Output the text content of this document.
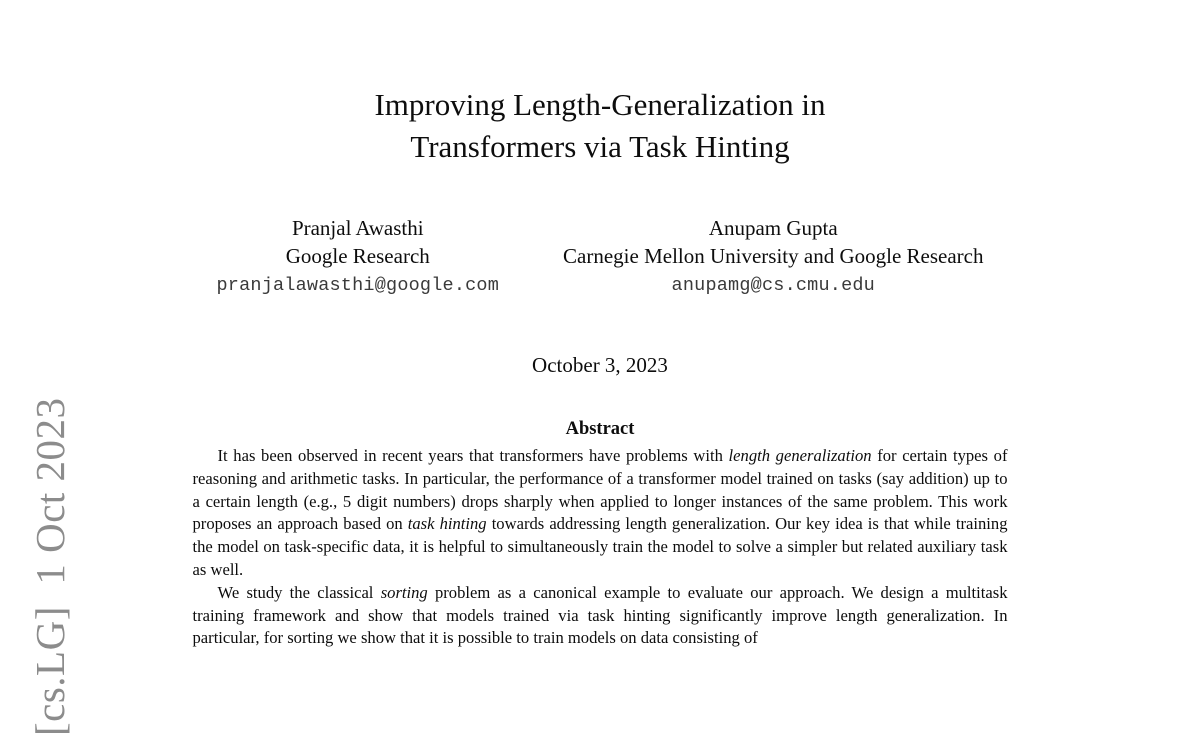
[cs.LG]  1 Oct 2023
Improving Length-Generalization in
Transformers via Task Hinting
Pranjal Awasthi
Google Research
pranjalawasthi@google.com
Anupam Gupta
Carnegie Mellon University and Google Research
anupamg@cs.cmu.edu
October 3, 2023
Abstract

It has been observed in recent years that transformers have problems with length generalization for certain types of reasoning and arithmetic tasks. In particular, the performance of a transformer model trained on tasks (say addition) up to a certain length (e.g., 5 digit numbers) drops sharply when applied to longer instances of the same problem. This work proposes an approach based on task hinting towards addressing length generalization. Our key idea is that while training the model on task-specific data, it is helpful to simultaneously train the model to solve a simpler but related auxiliary task as well.

We study the classical sorting problem as a canonical example to evaluate our approach. We design a multitask training framework and show that models trained via task hinting significantly improve length generalization. In particular, for sorting we show that it is possible to train models on data consisting of
